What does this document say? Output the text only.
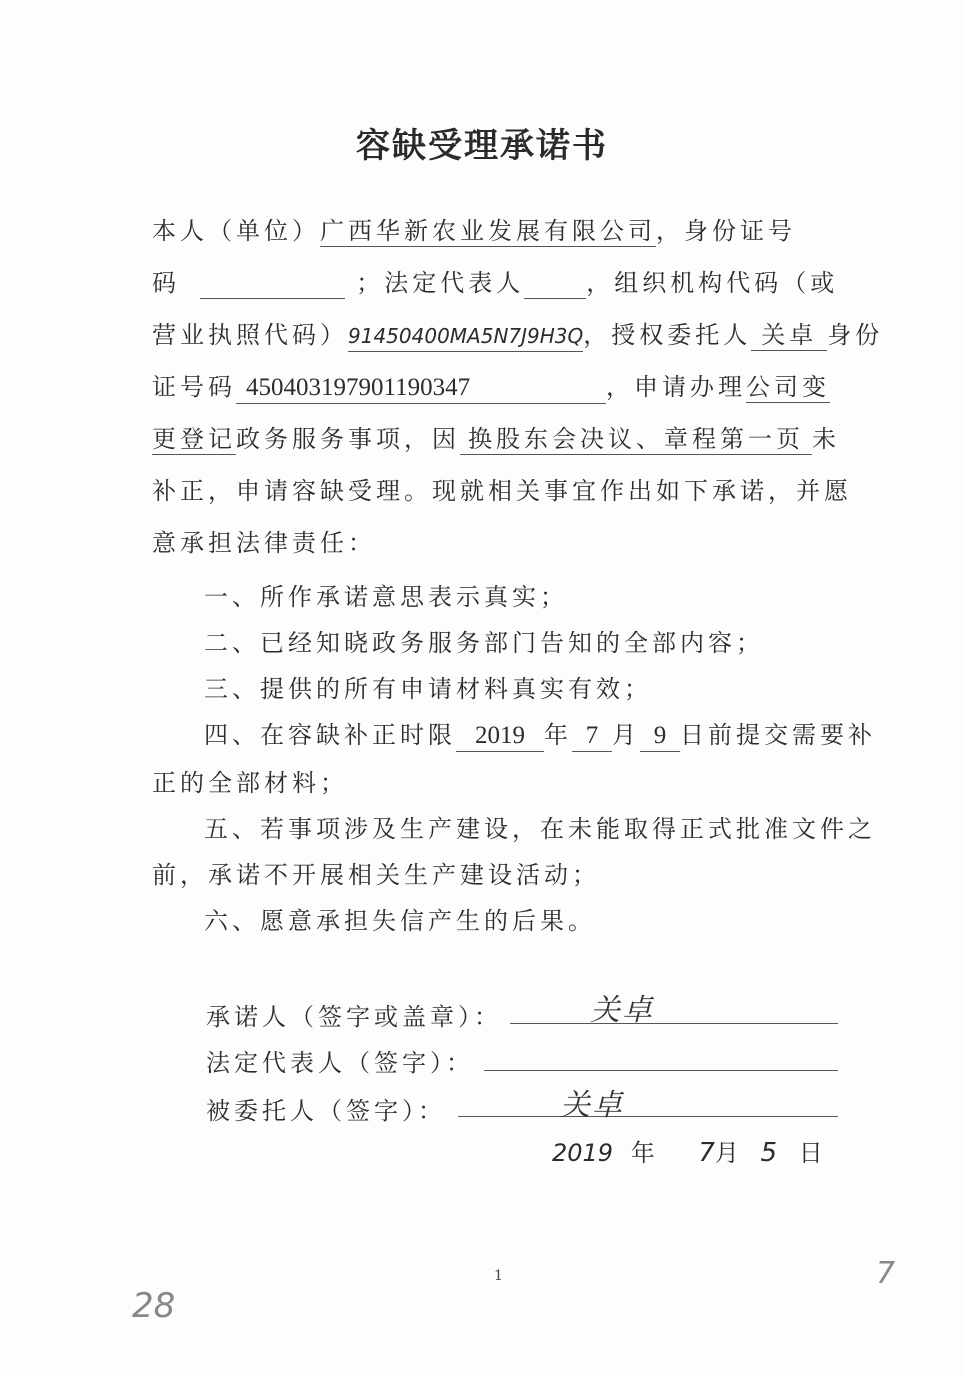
容缺受理承诺书
本人（单位）广西华新农业发展有限公司，身份证号
码	；法定代表人	，组织机构代码（或
营业执照代码）91450400MA5N7J9H3Q，授权委托人 关卓 身份
证号码 450403197901190347	，申请办理公司变
更登记政务服务事项，因 换股东会决议、章程第一页 未
补正，申请容缺受理。现就相关事宜作出如下承诺，并愿
意承担法律责任：
一、所作承诺意思表示真实；
二、已经知晓政务服务部门告知的全部内容；
三、提供的所有申请材料真实有效；
四、在容缺补正时限 2019 年 7 月 9 日前提交需要补
正的全部材料；
五、若事项涉及生产建设，在未能取得正式批准文件之
前，承诺不开展相关生产建设活动；
六、愿意承担失信产生的后果。
承诺人（签字或盖章）：	关卓
法定代表人（签字）：
被委托人（签字）：	关卓
2019 年 7月 5 日
1
28
7
